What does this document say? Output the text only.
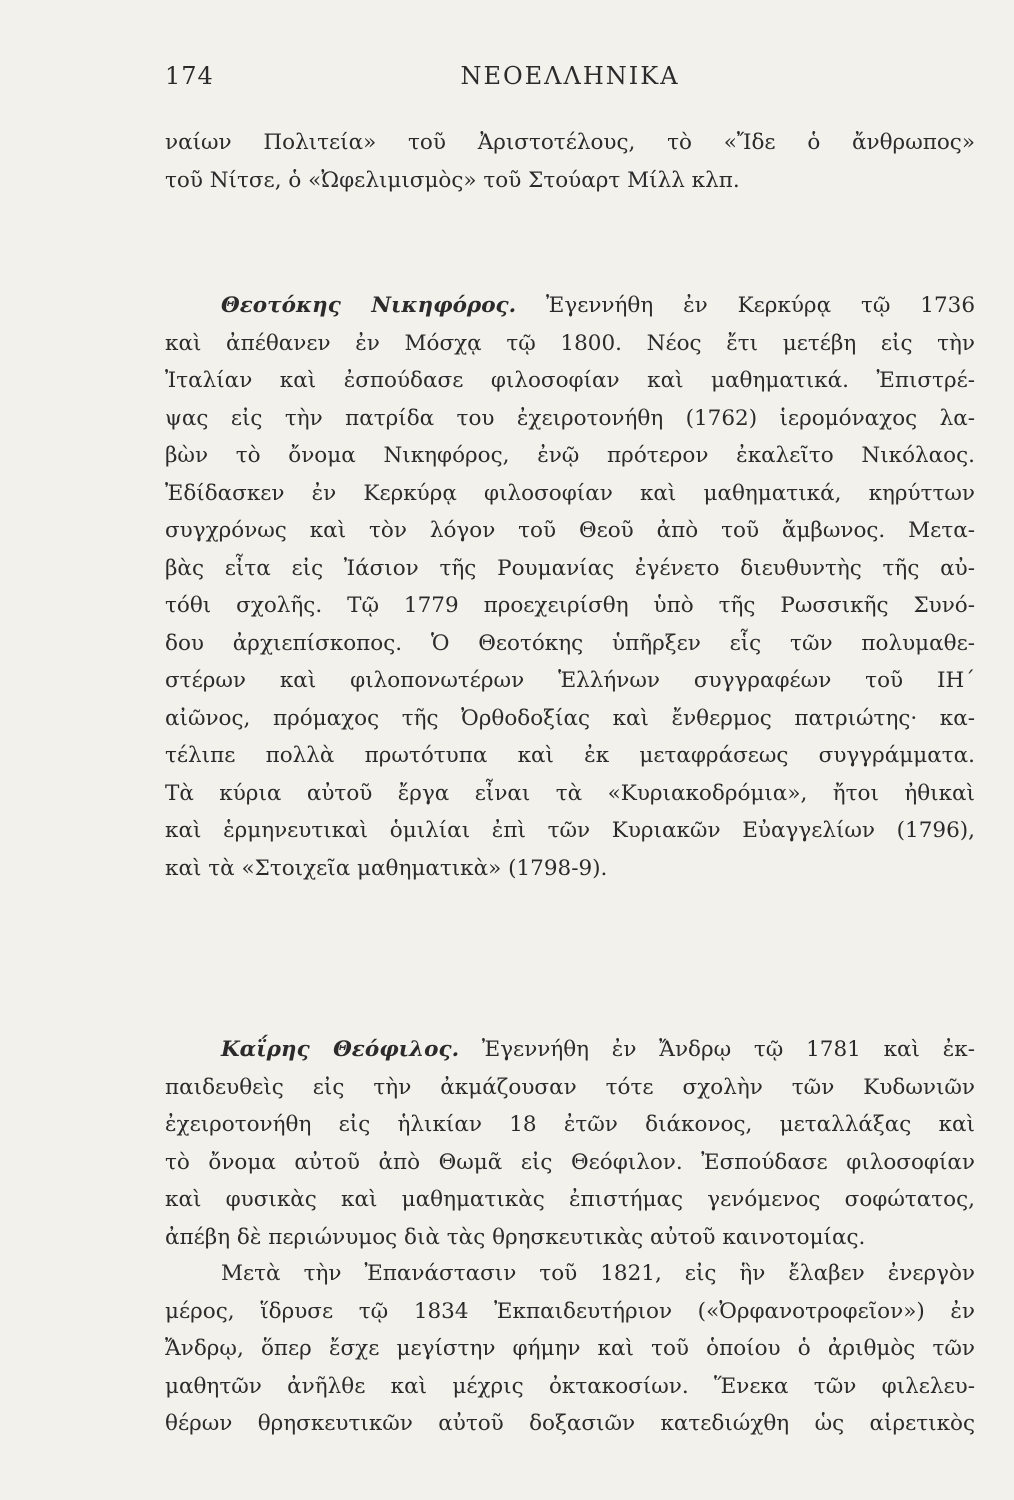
174	ΝΕΟΕΛΛΗΝΙΚΑ
ναίων Πολιτεία» τοῦ Ἀριστοτέλους, τὸ «Ἴδε ὁ ἄνθρωπος»
τοῦ Νίτσε, ὁ «Ὠφελιμισμὸς» τοῦ Στούαρτ Μίλλ κλπ.
Θεοτόκης Νικηφόρος. Ἐγεννήθη ἐν Κερκύρᾳ τῷ 1736
καὶ ἀπέθανεν ἐν Μόσχᾳ τῷ 1800. Νέος ἔτι μετέβη εἰς τὴν
Ἰταλίαν καὶ ἐσπούδασε φιλοσοφίαν καὶ μαθηματικά. Ἐπιστρέ-
ψας εἰς τὴν πατρίδα του ἐχειροτονήθη (1762) ἱερομόναχος λα-
βὼν τὸ ὄνομα Νικηφόρος, ἐνῷ πρότερον ἐκαλεῖτο Νικόλαος.
Ἐδίδασκεν ἐν Κερκύρᾳ φιλοσοφίαν καὶ μαθηματικά, κηρύττων
συγχρόνως καὶ τὸν λόγον τοῦ Θεοῦ ἀπὸ τοῦ ἄμβωνος. Μετα-
βὰς εἶτα εἰς Ἰάσιον τῆς Ρουμανίας ἐγένετο διευθυντὴς τῆς αὐ-
τόθι σχολῆς. Τῷ 1779 προεχειρίσθη ὑπὸ τῆς Ρωσσικῆς Συνό-
δου ἀρχιεπίσκοπος. Ὁ Θεοτόκης ὑπῆρξεν εἷς τῶν πολυμαθε-
στέρων καὶ φιλοπονωτέρων Ἑλλήνων συγγραφέων τοῦ ΙΗ΄
αἰῶνος, πρόμαχος τῆς Ὀρθοδοξίας καὶ ἔνθερμος πατριώτης· κα-
τέλιπε πολλὰ πρωτότυπα καὶ ἐκ μεταφράσεως συγγράμματα.
Τὰ κύρια αὐτοῦ ἔργα εἶναι τὰ «Κυριακοδρόμια», ἤτοι ἠθικαὶ
καὶ ἑρμηνευτικαὶ ὁμιλίαι ἐπὶ τῶν Κυριακῶν Εὐαγγελίων (1796),
καὶ τὰ «Στοιχεῖα μαθηματικὰ» (1798-9).
Καΐρης Θεόφιλος. Ἐγεννήθη ἐν Ἄνδρῳ τῷ 1781 καὶ ἐκ-
παιδευθεὶς εἰς τὴν ἀκμάζουσαν τότε σχολὴν τῶν Κυδωνιῶν
ἐχειροτονήθη εἰς ἡλικίαν 18 ἐτῶν διάκονος, μεταλλάξας καὶ
τὸ ὄνομα αὐτοῦ ἀπὸ Θωμᾶ εἰς Θεόφιλον. Ἐσπούδασε φιλοσοφίαν
καὶ φυσικὰς καὶ μαθηματικὰς ἐπιστήμας γενόμενος σοφώτατος,
ἀπέβη δὲ περιώνυμος διὰ τὰς θρησκευτικὰς αὐτοῦ καινοτομίας.
Μετὰ τὴν Ἐπανάστασιν τοῦ 1821, εἰς ἣν ἔλαβεν ἐνεργὸν
μέρος, ἵδρυσε τῷ 1834 Ἐκπαιδευτήριον («Ὀρφανοτροφεῖον») ἐν
Ἄνδρῳ, ὅπερ ἔσχε μεγίστην φήμην καὶ τοῦ ὁποίου ὁ ἀριθμὸς τῶν
μαθητῶν ἀνῆλθε καὶ μέχρις ὀκτακοσίων. Ἕνεκα τῶν φιλελευ-
θέρων θρησκευτικῶν αὐτοῦ δοξασιῶν κατεδιώχθη ὡς αἱρετικὸς
